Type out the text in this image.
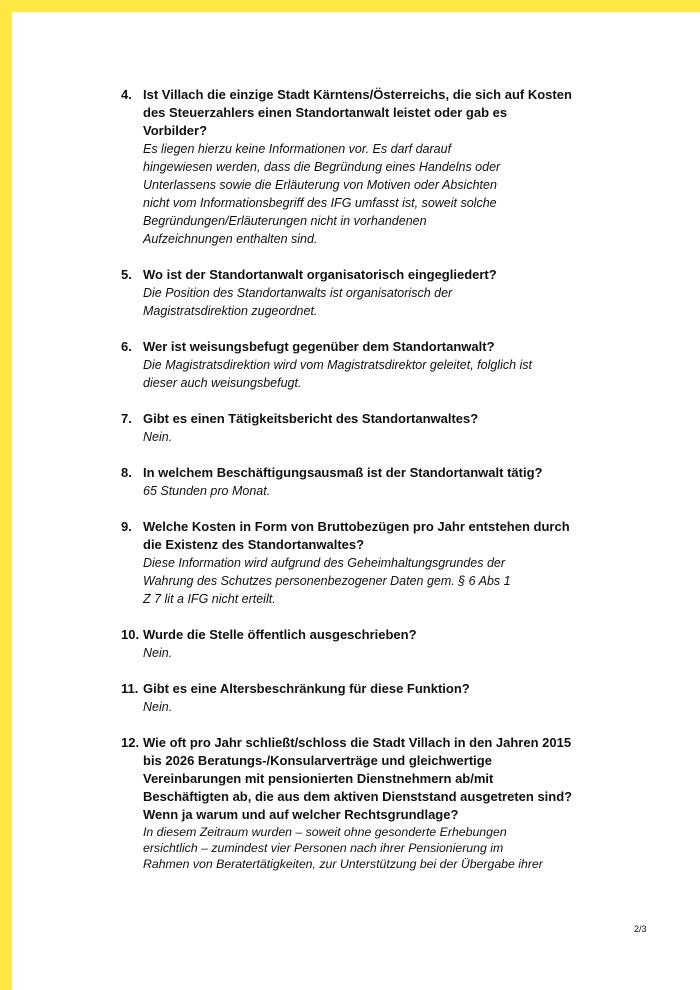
4. Ist Villach die einzige Stadt Kärntens/Österreichs, die sich auf Kosten
des Steuerzahlers einen Standortanwalt leistet oder gab es
Vorbilder?

Es liegen hierzu keine Informationen vor. Es darf darauf
hingewiesen werden, dass die Begründung eines Handelns oder
Unterlassens sowie die Erläuterung von Motiven oder Absichten
nicht vom Informationsbegriff des IFG umfasst ist, soweit solche
Begründungen/Erläuterungen nicht in vorhandenen
Aufzeichnungen enthalten sind.

5. Wo ist der Standortanwalt organisatorisch eingegliedert?

Die Position des Standortanwalts ist organisatorisch der
Magistratsdirektion zugeordnet.

6. Wer ist weisungsbefugt gegenüber dem Standortanwalt?

Die Magistratsdirektion wird vom Magistratsdirektor geleitet, folglich ist
dieser auch weisungsbefugt.

7. Gibt es einen Tätigkeitsbericht des Standortanwaltes?

Nein.

8. In welchem Beschäftigungsausmaß ist der Standortanwalt tätig?

65 Stunden pro Monat.

9. Welche Kosten in Form von Bruttobezügen pro Jahr entstehen durch
die Existenz des Standortanwaltes?

Diese Information wird aufgrund des Geheimhaltungsgrundes der
Wahrung des Schutzes personenbezogener Daten gem. § 6 Abs 1
Z 7 lit a IFG nicht erteilt.

10. Wurde die Stelle öffentlich ausgeschrieben?

Nein.

11. Gibt es eine Altersbeschränkung für diese Funktion?

Nein.

12. Wie oft pro Jahr schließt/schloss die Stadt Villach in den Jahren 2015
bis 2026 Beratungs-/Konsularverträge und gleichwertige
Vereinbarungen mit pensionierten Dienstnehmern ab/mit
Beschäftigten ab, die aus dem aktiven Dienststand ausgetreten sind?
Wenn ja warum und auf welcher Rechtsgrundlage?

In diesem Zeitraum wurden – soweit ohne gesonderte Erhebungen
ersichtlich – zumindest vier Personen nach ihrer Pensionierung im
Rahmen von Beratertätigkeiten, zur Unterstützung bei der Übergabe ihrer

2/3
